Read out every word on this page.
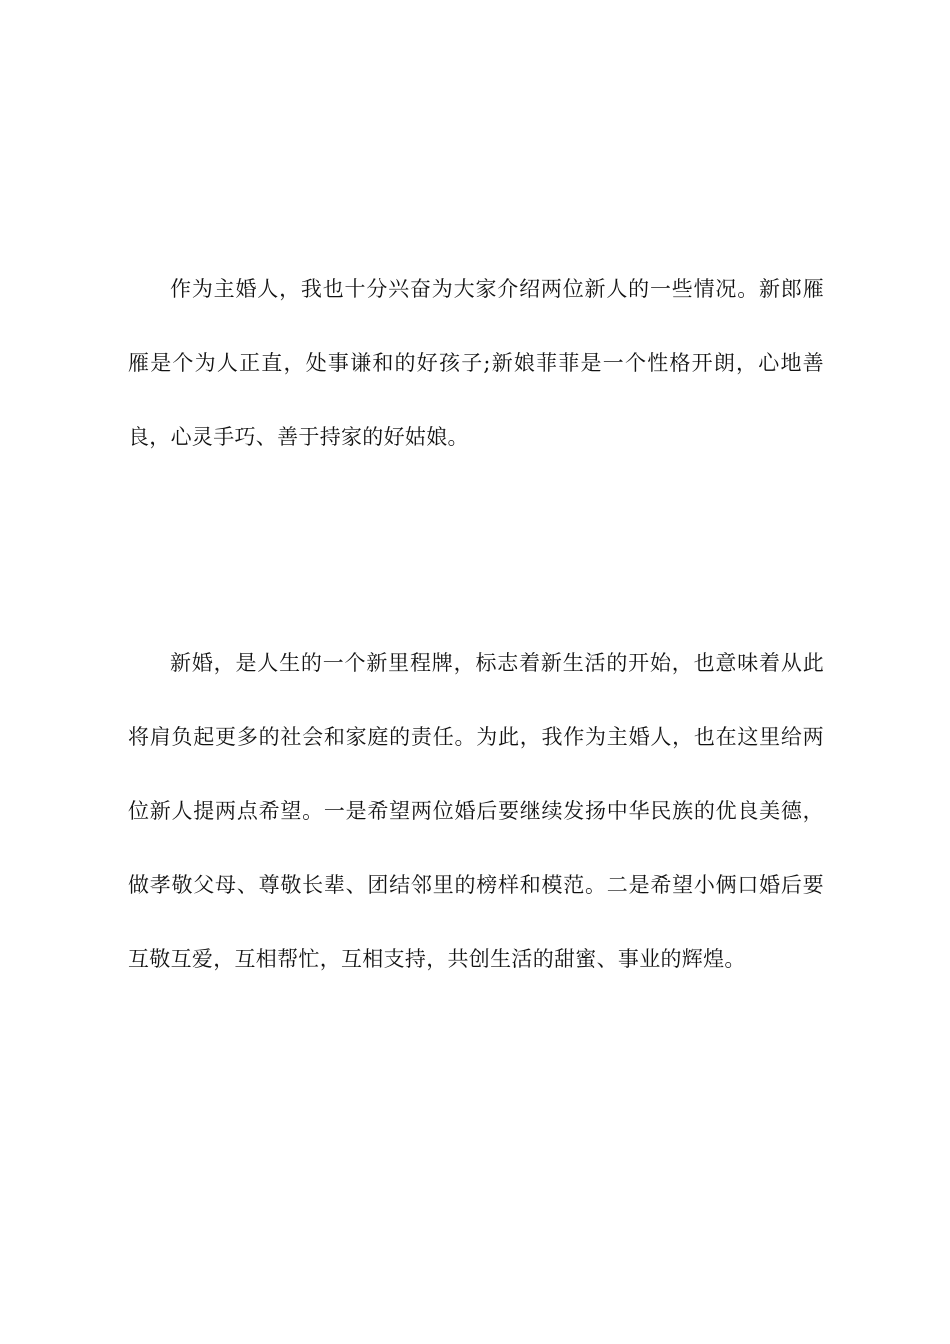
作为主婚人，我也十分兴奋为大家介绍两位新人的一些情况。新郎雁雁是个为人正直，处事谦和的好孩子;新娘菲菲是一个性格开朗，心地善良，心灵手巧、善于持家的好姑娘。

新婚，是人生的一个新里程牌，标志着新生活的开始，也意味着从此将肩负起更多的社会和家庭的责任。为此，我作为主婚人，也在这里给两位新人提两点希望。一是希望两位婚后要继续发扬中华民族的优良美德，做孝敬父母、尊敬长辈、团结邻里的榜样和模范。二是希望小俩口婚后要互敬互爱，互相帮忙，互相支持，共创生活的甜蜜、事业的辉煌。
